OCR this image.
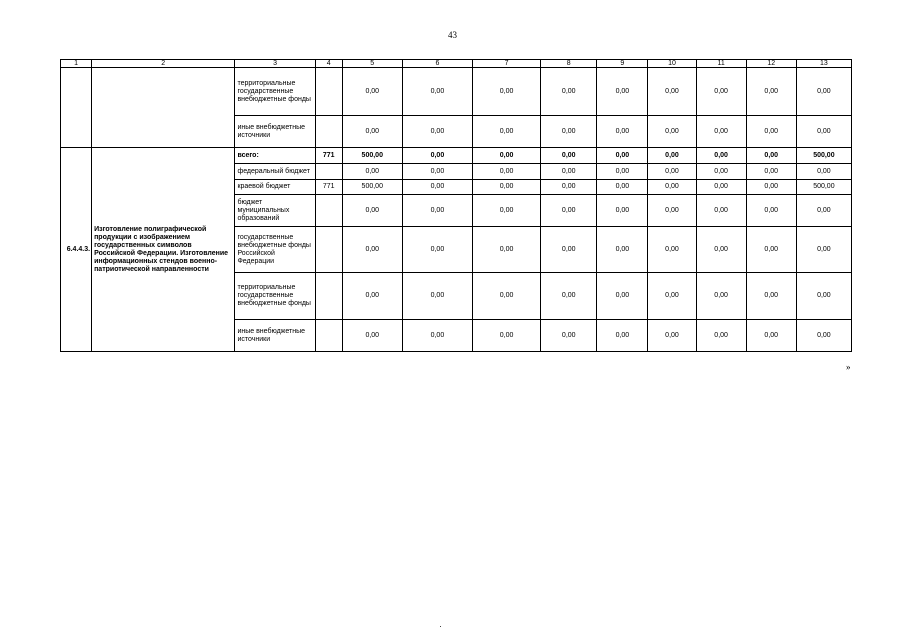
43
1	2	3	4	5	6	7	8	9	10	11	12	13
		территориальные государственные внебюджетные фонды		0,00	0,00	0,00	0,00	0,00	0,00	0,00	0,00	0,00
		иные внебюджетные источники		0,00	0,00	0,00	0,00	0,00	0,00	0,00	0,00	0,00
6.4.4.3.	Изготовление полиграфической продукции с изображением государственных символов Российской Федерации. Изготовление информационных стендов военно-патриотической направленности	всего:	771	500,00	0,00	0,00	0,00	0,00	0,00	0,00	0,00	500,00
		федеральный бюджет		0,00	0,00	0,00	0,00	0,00	0,00	0,00	0,00	0,00
		краевой бюджет	771	500,00	0,00	0,00	0,00	0,00	0,00	0,00	0,00	500,00
		бюджет муниципальных образований		0,00	0,00	0,00	0,00	0,00	0,00	0,00	0,00	0,00
		государственные внебюджетные фонды Российской Федерации		0,00	0,00	0,00	0,00	0,00	0,00	0,00	0,00	0,00
		территориальные государственные внебюджетные фонды		0,00	0,00	0,00	0,00	0,00	0,00	0,00	0,00	0,00
		иные внебюджетные источники		0,00	0,00	0,00	0,00	0,00	0,00	0,00	0,00	0,00
»
